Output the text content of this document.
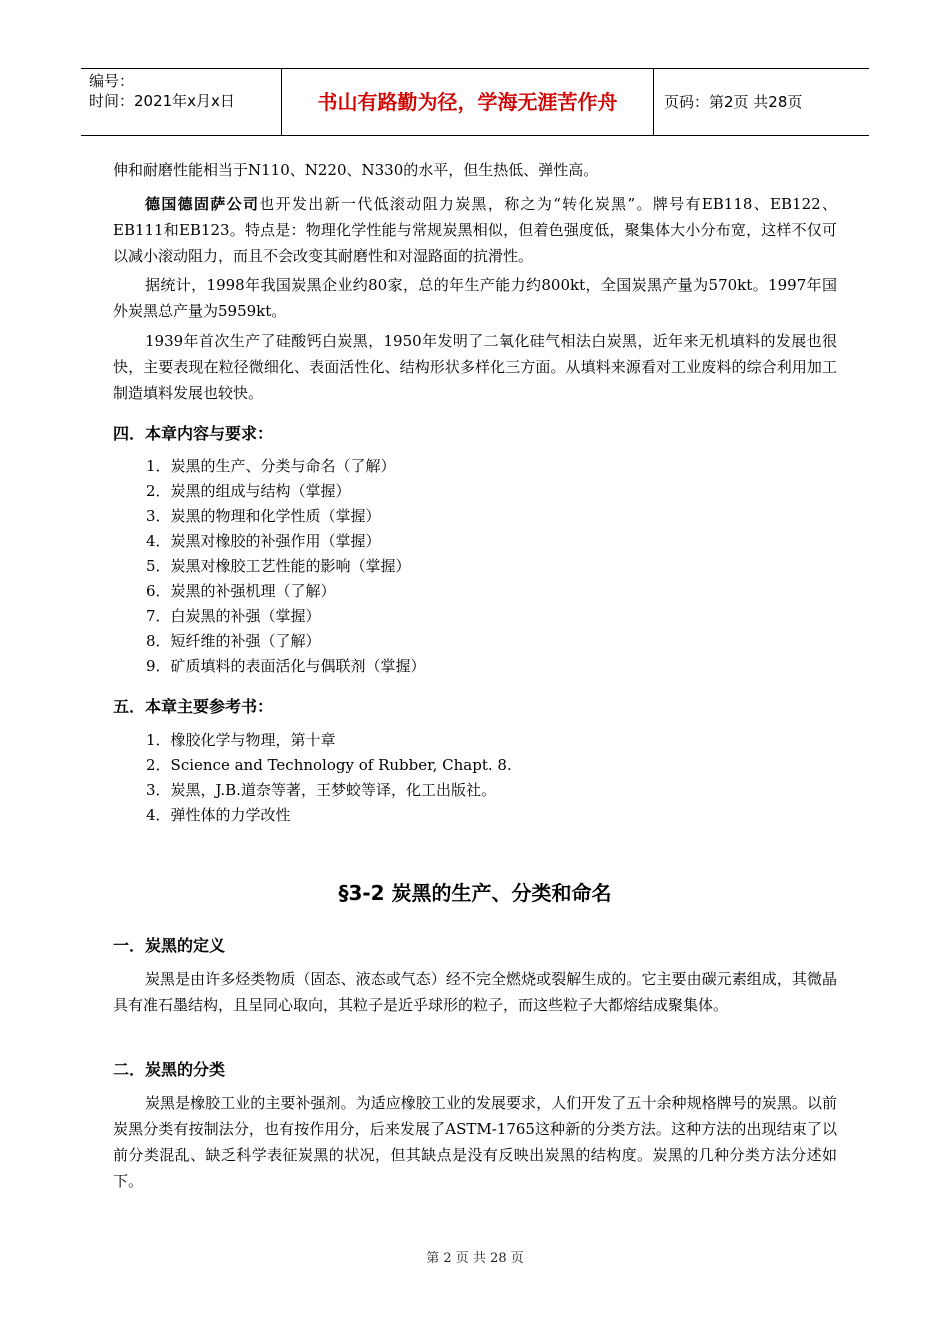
编号：
时间：2021年x月x日	书山有路勤为径，学海无涯苦作舟	页码：第2页 共28页
伸和耐磨性能相当于N110、N220、N330的水平，但生热低、弹性高。
德国德固萨公司也开发出新一代低滚动阻力炭黑，称之为“转化炭黑”。牌号有EB118、EB122、EB111和EB123。特点是：物理化学性能与常规炭黑相似，但着色强度低，聚集体大小分布宽，这样不仅可以减小滚动阻力，而且不会改变其耐磨性和对湿路面的抗滑性。
据统计，1998年我国炭黑企业约80家，总的年生产能力约800kt，全国炭黑产量为570kt。1997年国外炭黑总产量为5959kt。
1939年首次生产了硅酸钙白炭黑，1950年发明了二氧化硅气相法白炭黑，近年来无机填料的发展也很快，主要表现在粒径微细化、表面活性化、结构形状多样化三方面。从填料来源看对工业废料的综合利用加工制造填料发展也较快。
四．本章内容与要求：
1．炭黑的生产、分类与命名（了解）
2．炭黑的组成与结构（掌握）
3．炭黑的物理和化学性质（掌握）
4．炭黑对橡胶的补强作用（掌握）
5．炭黑对橡胶工艺性能的影响（掌握）
6．炭黑的补强机理（了解）
7．白炭黑的补强（掌握）
8．短纤维的补强（了解）
9．矿质填料的表面活化与偶联剂（掌握）
五．本章主要参考书：
1．橡胶化学与物理，第十章
2．Science and Technology of Rubber, Chapt. 8.
3．炭黑，J.B.道奈等著，王梦蛟等译，化工出版社。
4．弹性体的力学改性
§3-2 炭黑的生产、分类和命名
一．炭黑的定义
炭黑是由许多烃类物质（固态、液态或气态）经不完全燃烧或裂解生成的。它主要由碳元素组成，其微晶具有准石墨结构，且呈同心取向，其粒子是近乎球形的粒子，而这些粒子大都熔结成聚集体。
二．炭黑的分类
炭黑是橡胶工业的主要补强剂。为适应橡胶工业的发展要求，人们开发了五十余种规格牌号的炭黑。以前炭黑分类有按制法分，也有按作用分，后来发展了ASTM-1765这种新的分类方法。这种方法的出现结束了以前分类混乱、缺乏科学表征炭黑的状况，但其缺点是没有反映出炭黑的结构度。炭黑的几种分类方法分述如下。
第 2 页 共 28 页
